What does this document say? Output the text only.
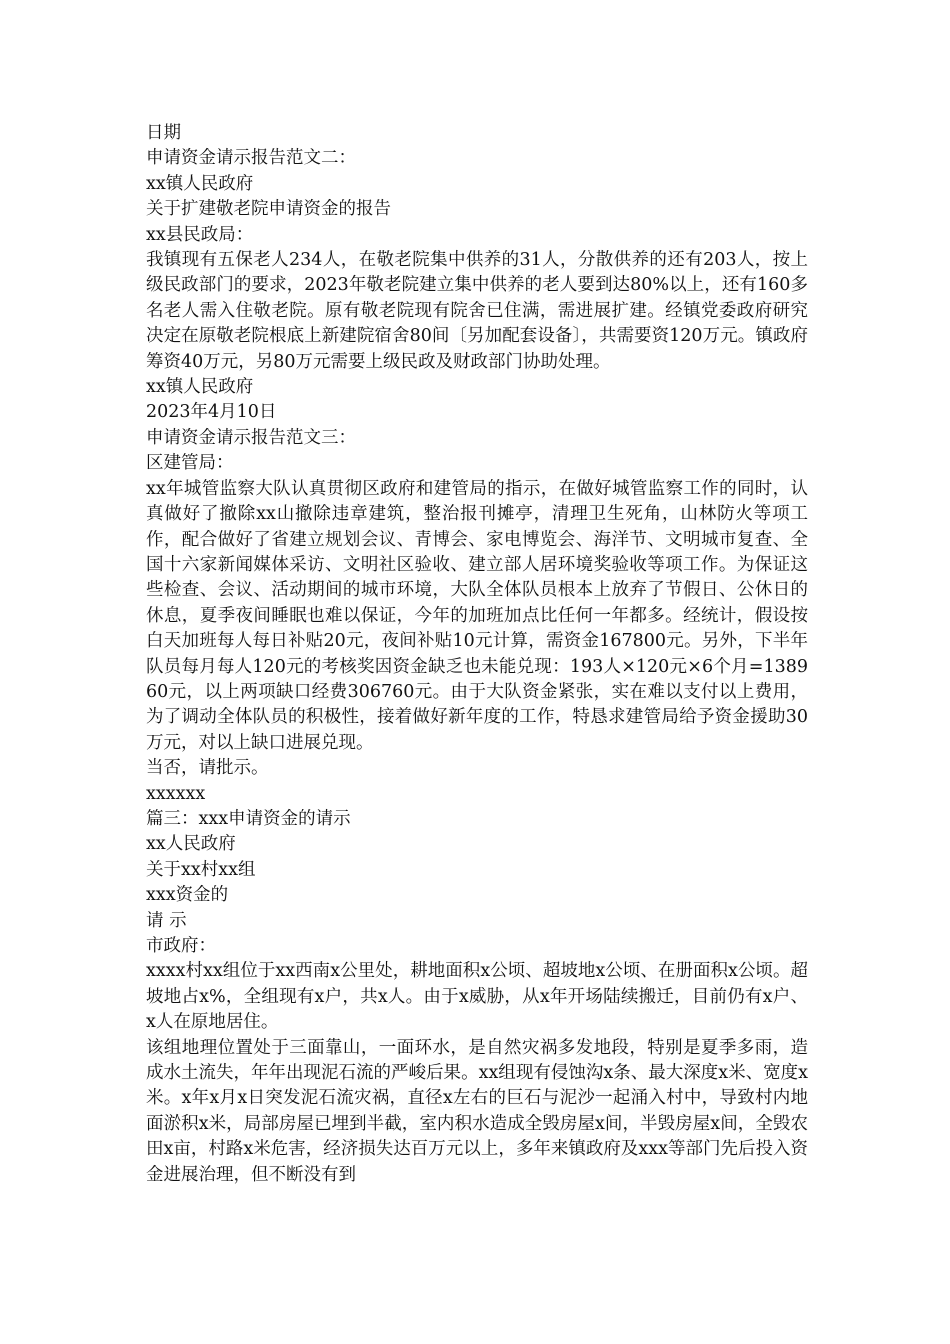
日期

申请资金请示报告范文二：

xx镇人民政府

关于扩建敬老院申请资金的报告

xx县民政局：

我镇现有五保老人234人，在敬老院集中供养的31人，分散供养的还有203人，按上级民政部门的要求，2023年敬老院建立集中供养的老人要到达80%以上，还有160多名老人需入住敬老院。原有敬老院现有院舍已住满，需进展扩建。经镇党委政府研究决定在原敬老院根底上新建院宿舍80间〔另加配套设备〕，共需要资120万元。镇政府筹资40万元，另80万元需要上级民政及财政部门协助处理。

xx镇人民政府

2023年4月10日

申请资金请示报告范文三：

区建管局：

xx年城管监察大队认真贯彻区政府和建管局的指示，在做好城管监察工作的同时，认真做好了撤除xx山撤除违章建筑，整治报刊摊亭，清理卫生死角，山林防火等项工作，配合做好了省建立规划会议、青博会、家电博览会、海洋节、文明城市复查、全国十六家新闻媒体采访、文明社区验收、建立部人居环境奖验收等项工作。为保证这些检查、会议、活动期间的城市环境，大队全体队员根本上放弃了节假日、公休日的休息，夏季夜间睡眠也难以保证，今年的加班加点比任何一年都多。经统计，假设按白天加班每人每日补贴20元，夜间补贴10元计算，需资金167800元。另外，下半年队员每月每人120元的考核奖因资金缺乏也未能兑现：193人×120元×6个月=138960元，以上两项缺口经费306760元。由于大队资金紧张，实在难以支付以上费用，为了调动全体队员的积极性，接着做好新年度的工作，特恳求建管局给予资金援助30万元，对以上缺口进展兑现。

当否，请批示。

xxxxxx

篇三：xxx申请资金的请示

xx人民政府

关于xx村xx组

xxx资金的

请 示

市政府：

xxxx村xx组位于xx西南x公里处，耕地面积x公顷、超坡地x公顷、在册面积x公顷。超坡地占x%，全组现有x户，共x人。由于x威胁，从x年开场陆续搬迁，目前仍有x户、x人在原地居住。

该组地理位置处于三面靠山，一面环水，是自然灾祸多发地段，特别是夏季多雨，造成水土流失，年年出现泥石流的严峻后果。xx组现有侵蚀沟x条、最大深度x米、宽度x米。x年x月x日突发泥石流灾祸，直径x左右的巨石与泥沙一起涌入村中，导致村内地面淤积x米，局部房屋已埋到半截，室内积水造成全毁房屋x间，半毁房屋x间，全毁农田x亩，村路x米危害，经济损失达百万元以上，多年来镇政府及xxx等部门先后投入资金进展治理，但不断没有到
